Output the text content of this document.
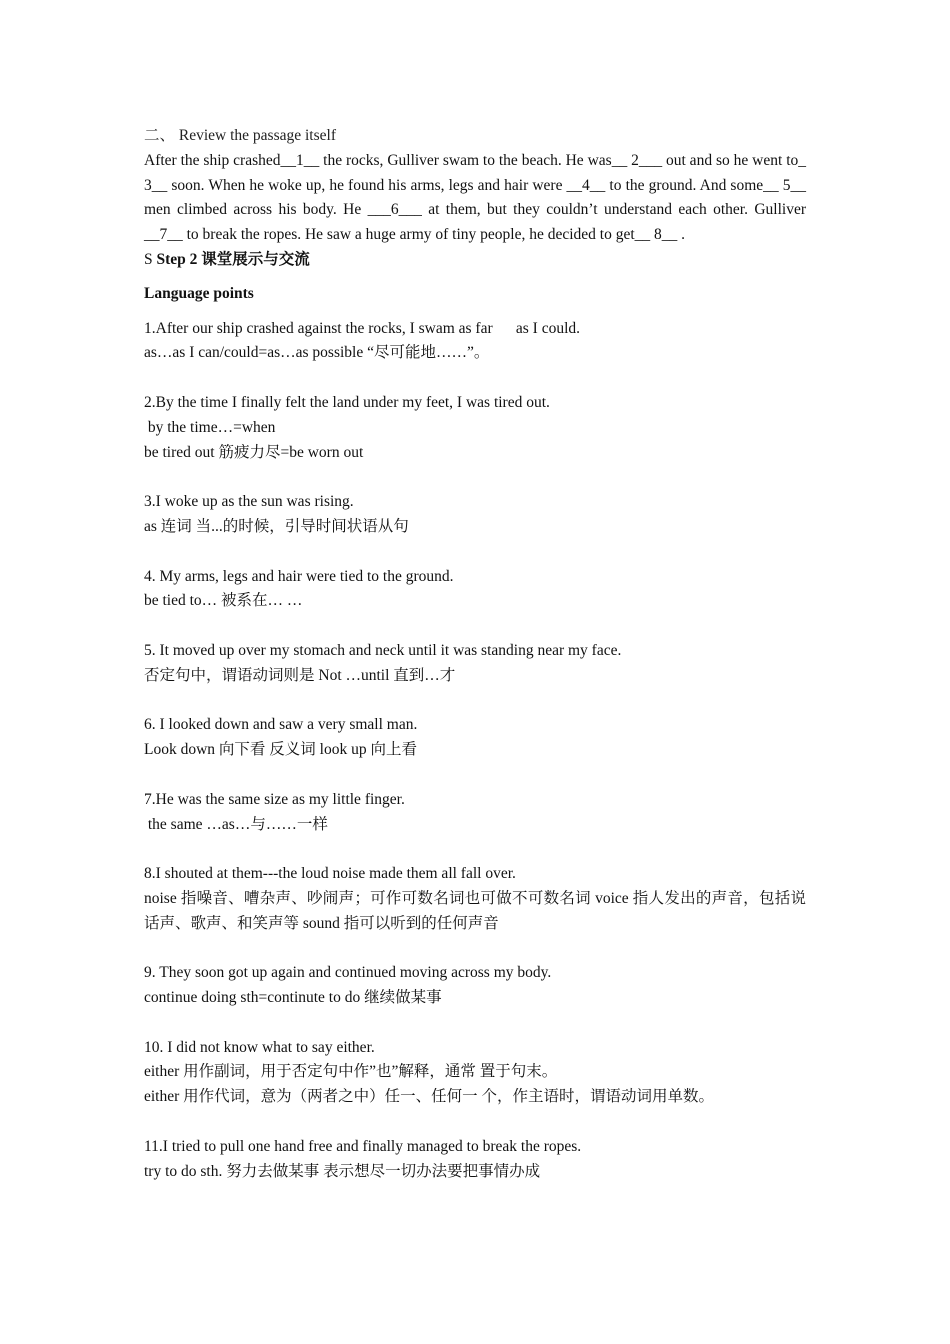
二、 Review the passage itself
After the ship crashed__1__ the rocks, Gulliver swam to the beach. He was__ 2___ out and so he went to_ 3__ soon. When he woke up, he found his arms, legs and hair were __4__ to the ground. And some__ 5__ men climbed across his body. He ___6___ at them, but they couldn’t understand each other. Gulliver __7__ to break the ropes. He saw a huge army of tiny people, he decided to get__ 8__ .
S Step 2 课堂展示与交流
Language points
1.After our ship crashed against the rocks, I swam as far      as I could.
as…as I can/could=as…as possible “尽可能地……”。
2.By the time I finally felt the land under my feet, I was tired out.
by the time…=when
be tired out 筋疲力尽=be worn out
3.I woke up as the sun was rising.
as 连词 当...的时候，引导时间状语从句
4. My arms, legs and hair were tied to the ground.
be tied to… 被系在… …
5. It moved up over my stomach and neck until it was standing near my face.
否定句中，谓语动词则是 Not …until 直到…才
6. I looked down and saw a very small man.
Look down 向下看 反义词 look up 向上看
7.He was the same size as my little finger.
the same …as…与……一样
8.I shouted at them---the loud noise made them all fall over.
noise 指噪音、嘈杂声、吵闹声；可作可数名词也可做不可数名词 voice 指人发出的声音，包括说话声、歌声、和笑声等 sound 指可以听到的任何声音
9. They soon got up again and continued moving across my body.
continue doing sth=continute to do 继续做某事
10. I did not know what to say either.
either 用作副词，用于否定句中作”也”解释，通常 置于句末。
either 用作代词，意为（两者之中）任一、任何一 个，作主语时，谓语动词用单数。
11.I tried to pull one hand free and finally managed to break the ropes.
try to do sth. 努力去做某事 表示想尽一切办法要把事情办成
